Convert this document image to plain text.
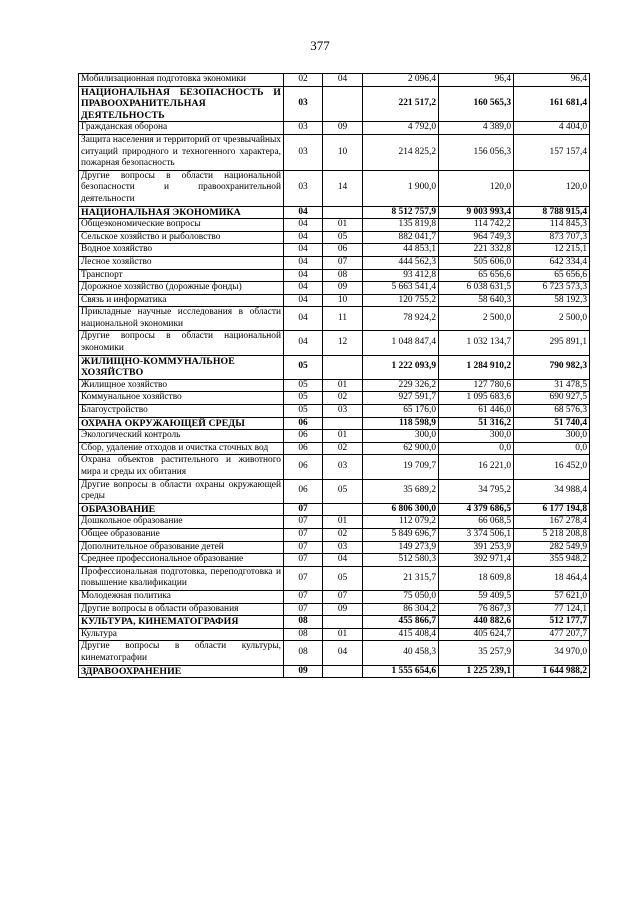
377
Мобилизационная подготовка экономики	02	04	2 096,4	96,4	96,4
НАЦИОНАЛЬНАЯ БЕЗОПАСНОСТЬ И ПРАВООХРАНИТЕЛЬНАЯ ДЕЯТЕЛЬНОСТЬ	03		221 517,2	160 565,3	161 681,4
Гражданская оборона	03	09	4 792,0	4 389,0	4 404,0
Защита населения и территорий от чрезвычайных ситуаций природного и техногенного характера, пожарная безопасность	03	10	214 825,2	156 056,3	157 157,4
Другие вопросы в области национальной безопасности и правоохранительной деятельности	03	14	1 900,0	120,0	120,0
НАЦИОНАЛЬНАЯ ЭКОНОМИКА	04		8 512 757,9	9 003 993,4	8 788 915,4
Общеэкономические вопросы	04	01	135 819,8	114 742,2	114 845,3
Сельское хозяйство и рыболовство	04	05	882 041,7	964 749,3	873 707,3
Водное хозяйство	04	06	44 853,1	221 332,8	12 215,1
Лесное хозяйство	04	07	444 562,3	505 606,0	642 334,4
Транспорт	04	08	93 412,8	65 656,6	65 656,6
Дорожное хозяйство (дорожные фонды)	04	09	5 663 541,4	6 038 631,5	6 723 573,3
Связь и информатика	04	10	120 755,2	58 640,3	58 192,3
Прикладные научные исследования в области национальной экономики	04	11	78 924,2	2 500,0	2 500,0
Другие вопросы в области национальной экономики	04	12	1 048 847,4	1 032 134,7	295 891,1
ЖИЛИЩНО-КОММУНАЛЬНОЕ ХОЗЯЙСТВО	05		1 222 093,9	1 284 910,2	790 982,3
Жилищное хозяйство	05	01	229 326,2	127 780,6	31 478,5
Коммунальное хозяйство	05	02	927 591,7	1 095 683,6	690 927,5
Благоустройство	05	03	65 176,0	61 446,0	68 576,3
ОХРАНА ОКРУЖАЮЩЕЙ СРЕДЫ	06		118 598,9	51 316,2	51 740,4
Экологический контроль	06	01	300,0	300,0	300,0
Сбор, удаление отходов и очистка сточных вод	06	02	62 900,0	0,0	0,0
Охрана объектов растительного и животного мира и среды их обитания	06	03	19 709,7	16 221,0	16 452,0
Другие вопросы в области охраны окружающей среды	06	05	35 689,2	34 795,2	34 988,4
ОБРАЗОВАНИЕ	07		6 806 300,0	4 379 686,5	6 177 194,8
Дошкольное образование	07	01	112 079,2	66 068,5	167 278,4
Общее образование	07	02	5 849 696,7	3 374 506,1	5 218 208,8
Дополнительное образование детей	07	03	149 273,9	391 253,9	282 549,9
Среднее профессиональное образование	07	04	512 580,3	392 971,4	355 948,2
Профессиональная подготовка, переподготовка и повышение квалификации	07	05	21 315,7	18 609,8	18 464,4
Молодежная политика	07	07	75 050,0	59 409,5	57 621,0
Другие вопросы в области образования	07	09	86 304,2	76 867,3	77 124,1
КУЛЬТУРА, КИНЕМАТОГРАФИЯ	08		455 866,7	440 882,6	512 177,7
Культура	08	01	415 408,4	405 624,7	477 207,7
Другие вопросы в области культуры, кинематографии	08	04	40 458,3	35 257,9	34 970,0
ЗДРАВООХРАНЕНИЕ	09		1 555 654,6	1 225 239,1	1 644 988,2
